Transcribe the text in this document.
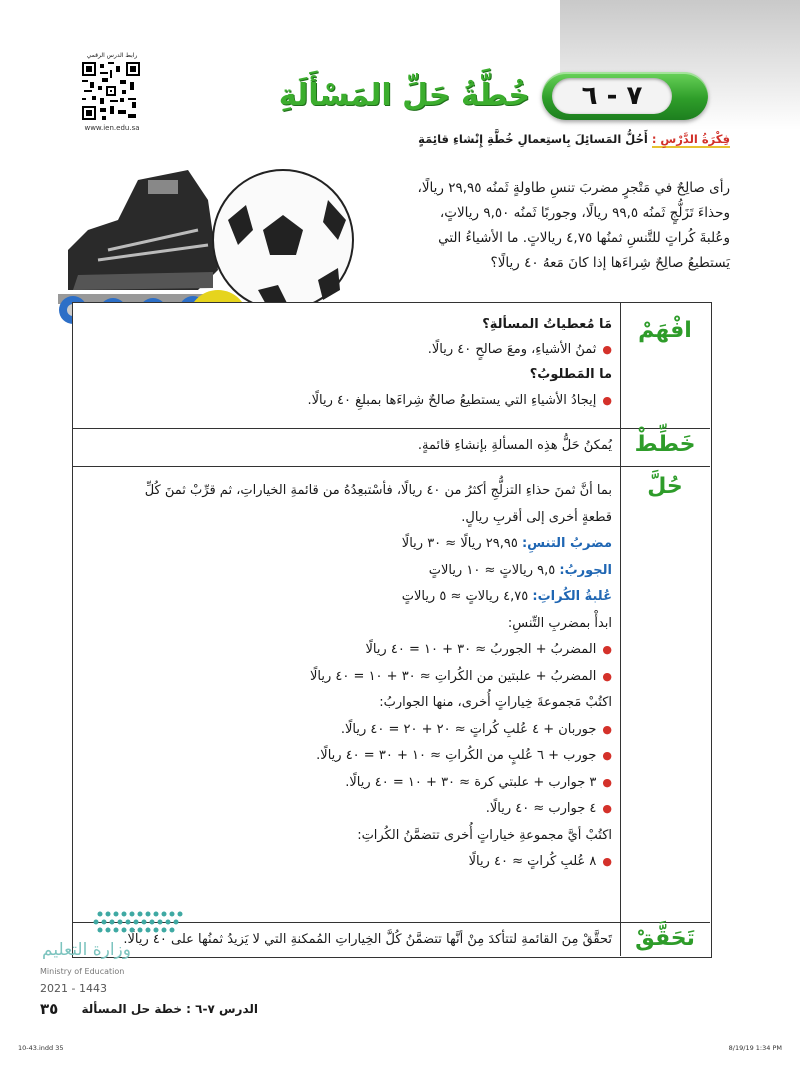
رابط الدرس الرقمي
www.ien.edu.sa
٧ - ٦
خُطَّةُ حَلِّ المَسْأَلَةِ
فِكْرَةُ الدَّرْسِ : أَحُلُّ المَسائِلَ بِاستِعمالِ خُطَّةِ إِنْشاءِ قائِمَةٍ
رأى صالِحٌ في مَتْجرٍ مضربَ تنسِ طاولةٍ ثَمنُه ٢٩,٩٥ ريالًا،
وحذاءَ تَزَلُّجٍ ثَمنُه ٩٩,٥ ريالًا، وجوربًا ثَمنُه ٩,٥٠ ريالاتٍ،
وعُلبةَ كُراتٍ للتَّنسِ ثمنُها ٤,٧٥ ريالاتٍ. ما الأشياءُ التي
يَستطيعُ صالِحٌ شِراءَها إذا كانَ مَعهُ ٤٠ ريالًا؟
افْهَمْ
مَا مُعطياتُ المسألةِ؟
●ثمنُ الأشياءِ، ومعَ صالحٍ ٤٠ ريالًا.
ما المَطلوبُ؟
●إيجادُ الأشياءِ التي يستطيعُ صالحٌ شِراءَها بمبلغِ ٤٠ ريالًا.
خَطِّطْ
يُمكنُ حَلُّ هذِه المسألةِ بإنشاءِ قائمةٍ.
حُلَّ
بما أنَّ ثمنَ حذاءِ التزلُّجِ أكثرُ من ٤٠ ريالًا، فأسْتبعِدُهُ من قائمةِ الخياراتِ، ثم قرِّبْ ثمنَ كُلِّ
قطعةٍ أخرى إلى أقربِ ريالٍ.
مضربُ التنسِ: ٢٩,٩٥ ريالًا ≈ ٣٠ ريالًا
الجوربُ: ٩,٥ ريالاتٍ ≈ ١٠ ريالاتٍ
عُلبةُ الكُراتِ: ٤,٧٥ ريالاتٍ ≈ ٥ ريالاتٍ
ابدأْ بمضربِ التِّنسِ:
●المضربُ + الجوربُ ≈ ٣٠ + ١٠ = ٤٠ ريالًا
●المضربُ + علبتين من الكُراتِ ≈ ٣٠ + ١٠ = ٤٠ ريالًا
اكتُبْ مَجموعةَ خِياراتٍ أُخرى، منها الجواربُ:
●جوربان + ٤ عُلبِ كُراتٍ ≈ ٢٠ + ٢٠ = ٤٠ ريالًا.
●جورب + ٦ عُلبٍ من الكُراتِ ≈ ١٠ + ٣٠ = ٤٠ ريالًا.
●٣ جوارب + علبتي كرة ≈ ٣٠ + ١٠ = ٤٠ ريالًا.
●٤ جوارب ≈ ٤٠ ريالًا.
اكتُبْ أيَّ مجموعةِ خياراتٍ أُخرى تتضمَّنُ الكُراتِ:
●٨ عُلبِ كُراتٍ ≈ ٤٠ ريالًا
تَحَقَّقْ
تَحقَّقْ مِنَ القائمةِ لتتأكدَ مِنْ أنَّها تتضمَّنُ كُلَّ الخِياراتِ المُمكنةِ التي لا يَزيدُ ثمنُها على ٤٠ ريالًا.
وزارة التعليم
Ministry of Education
2021 - 1443
٣٥ الدرس ٧-٦ : خطة حل المسألة
10-43.indd 35	8/19/19 1:34 PM
